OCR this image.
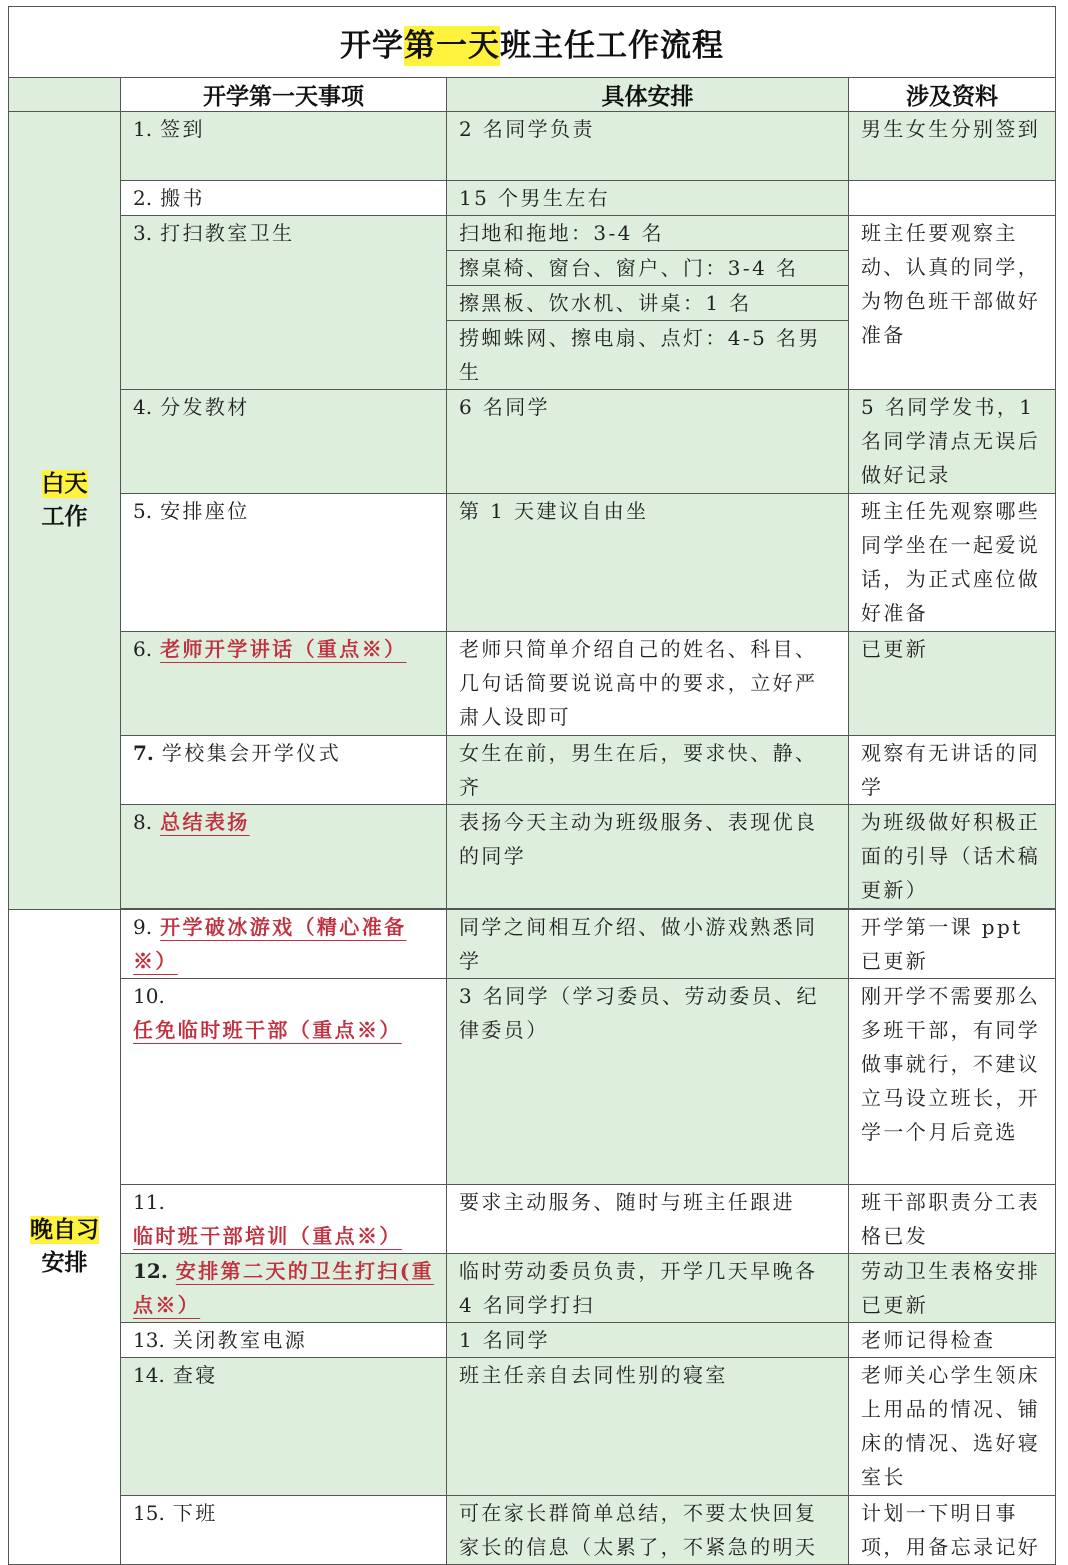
开学第一天班主任工作流程			
	开学第一天事项	具体安排	涉及资料

白天
工作	1. 签到	2 名同学负责	男生女生分别签到
	2. 搬书	15 个男生左右	
	3. 打扫教室卫生	扫地和拖地：3-4 名
擦桌椅、窗台、窗户、门：3-4 名
擦黑板、饮水机、讲桌：1 名
捞蜘蛛网、擦电扇、点灯：4-5 名男生	班主任要观察主动、认真的同学，为物色班干部做好准备
	4. 分发教材	6 名同学	5 名同学发书，1 名同学清点无误后做好记录
	5. 安排座位	第 1 天建议自由坐	班主任先观察哪些同学坐在一起爱说话，为正式座位做好准备
	6. 老师开学讲话（重点※）	老师只简单介绍自己的姓名、科目、几句话简要说说高中的要求，立好严肃人设即可	已更新
	7. 学校集会开学仪式	女生在前，男生在后，要求快、静、齐	观察有无讲话的同学
	8. 总结表扬	表扬今天主动为班级服务、表现优良的同学	为班级做好积极正面的引导（话术稿更新）

晚自习
安排	9. 开学破冰游戏（精心准备※）	同学之间相互介绍、做小游戏熟悉同学	开学第一课 ppt 已更新
	10.任免临时班干部（重点※）	3 名同学（学习委员、劳动委员、纪律委员）	刚开学不需要那么多班干部，有同学做事就行，不建议立马设立班长，开学一个月后竞选
	11.临时班干部培训（重点※）	要求主动服务、随时与班主任跟进	班干部职责分工表格已发
	12. 安排第二天的卫生打扫(重点※）	临时劳动委员负责，开学几天早晚各 4 名同学打扫	劳动卫生表格安排已更新
	13. 关闭教室电源	1 名同学	老师记得检查
	14. 查寝	班主任亲自去同性别的寝室	老师关心学生领床上用品的情况、铺床的情况、选好寝室长
	15. 下班	可在家长群简单总结，不要太快回复家长的信息（太累了，不紧急的明天	计划一下明日事项，用备忘录记好
